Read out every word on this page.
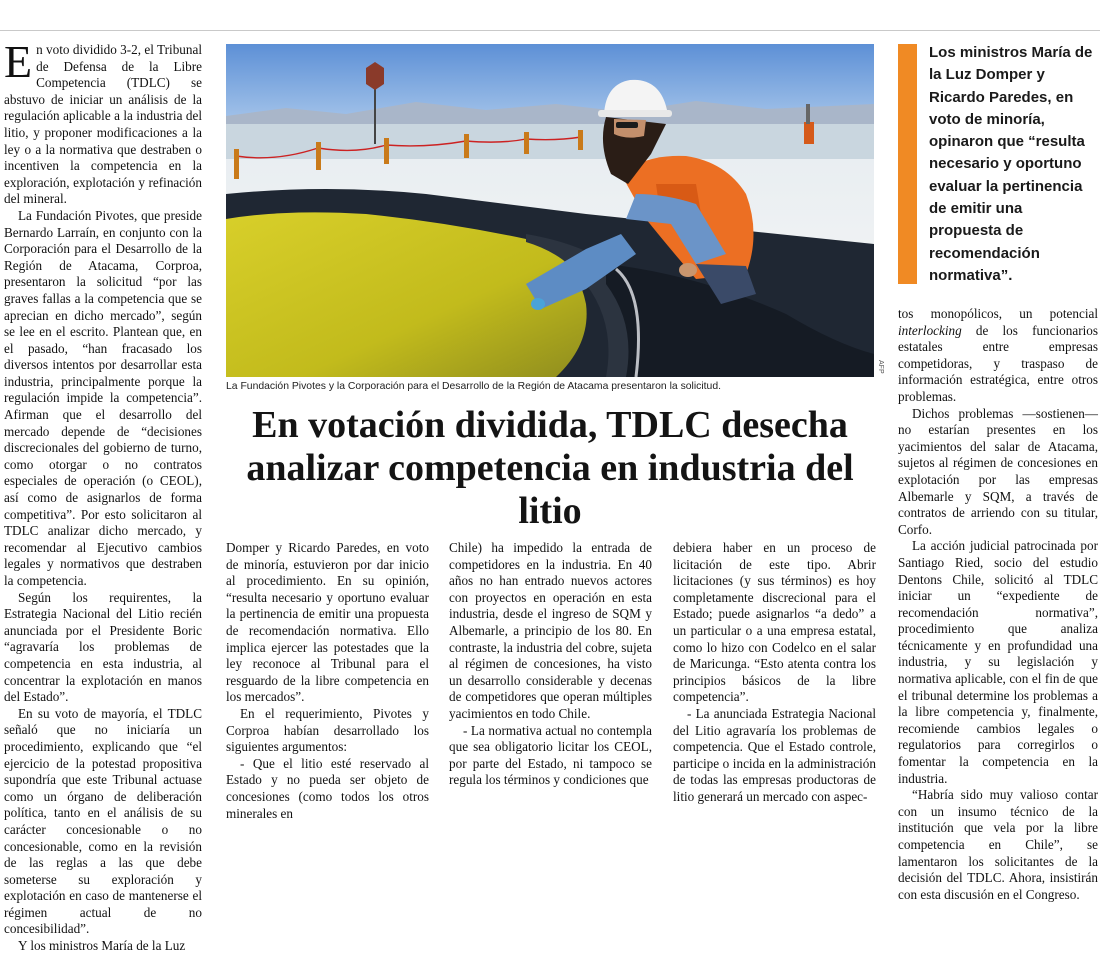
En voto dividido 3-2, el Tribunal de Defensa de la Libre Competencia (TDLC) se abstuvo de iniciar un análisis de la regulación aplicable a la industria del litio, y proponer modificaciones a la ley o a la normativa que destraben o incentiven la competencia en la exploración, explotación y refinación del mineral.

La Fundación Pivotes, que preside Bernardo Larraín, en conjunto con la Corporación para el Desarrollo de la Región de Atacama, Corproa, presentaron la solicitud “por las graves fallas a la competencia que se aprecian en dicho mercado”, según se lee en el escrito. Plantean que, en el pasado, “han fracasado los diversos intentos por desarrollar esta industria, principalmente porque la regulación impide la competencia”. Afirman que el desarrollo del mercado depende de “decisiones discrecionales del gobierno de turno, como otorgar o no contratos especiales de operación (o CEOL), así como de asignarlos de forma competitiva”. Por esto solicitaron al TDLC analizar dicho mercado, y recomendar al Ejecutivo cambios legales y normativos que destraben la competencia.

Según los requirentes, la Estrategia Nacional del Litio recién anunciada por el Presidente Boric “agravaría los problemas de competencia en esta industria, al concentrar la explotación en manos del Estado”.

En su voto de mayoría, el TDLC señaló que no iniciaría un procedimiento, explicando que “el ejercicio de la potestad propositiva supondría que este Tribunal actuase como un órgano de deliberación política, tanto en el análisis de su carácter concesionable o no concesionable, como en la revisión de las reglas a las que debe someterse su exploración y explotación en caso de mantenerse el régimen actual de no concesibilidad”.

Y los ministros María de la Luz

AFP
La Fundación Pivotes y la Corporación para el Desarrollo de la Región de Atacama presentaron la solicitud.
En votación dividida, TDLC desecha analizar competencia en industria del litio

Domper y Ricardo Paredes, en voto de minoría, estuvieron por dar inicio al procedimiento. En su opinión, “resulta necesario y oportuno evaluar la pertinencia de emitir una propuesta de recomendación normativa. Ello implica ejercer las potestades que la ley reconoce al Tribunal para el resguardo de la libre competencia en los mercados”.

En el requerimiento, Pivotes y Corproa habían desarrollado los siguientes argumentos:

- Que el litio esté reservado al Estado y no pueda ser objeto de concesiones (como todos los otros minerales en

Chile) ha impedido la entrada de competidores en la industria. En 40 años no han entrado nuevos actores con proyectos en operación en esta industria, desde el ingreso de SQM y Albemarle, a principio de los 80. En contraste, la industria del cobre, sujeta al régimen de concesiones, ha visto un desarrollo considerable y decenas de competidores que operan múltiples yacimientos en todo Chile.

- La normativa actual no contempla que sea obligatorio licitar los CEOL, por parte del Estado, ni tampoco se regula los términos y condiciones que

debiera haber en un proceso de licitación de este tipo. Abrir licitaciones (y sus términos) es hoy completamente discrecional para el Estado; puede asignarlos “a dedo” a un particular o a una empresa estatal, como lo hizo con Codelco en el salar de Maricunga. “Esto atenta contra los principios básicos de la libre competencia”.

- La anunciada Estrategia Nacional del Litio agravaría los problemas de competencia. Que el Estado controle, participe o incida en la administración de todas las empresas productoras de litio generará un mercado con aspec-

Los ministros María de la Luz Domper y Ricardo Paredes, en voto de minoría, opinaron que “resulta necesario y oportuno evaluar la pertinencia de emitir una propuesta de recomendación normativa”.

tos monopólicos, un potencial interlocking de los funcionarios estatales entre empresas competidoras, y traspaso de información estratégica, entre otros problemas.

Dichos problemas —sostienen— no estarían presentes en los yacimientos del salar de Atacama, sujetos al régimen de concesiones en explotación por las empresas Albemarle y SQM, a través de contratos de arriendo con su titular, Corfo.

La acción judicial patrocinada por Santiago Ried, socio del estudio Dentons Chile, solicitó al TDLC iniciar un “expediente de recomendación normativa”, procedimiento que analiza técnicamente y en profundidad una industria, y su legislación y normativa aplicable, con el fin de que el tribunal determine los problemas a la libre competencia y, finalmente, recomiende cambios legales o regulatorios para corregirlos o fomentar la competencia en la industria.

“Habría sido muy valioso contar con un insumo técnico de la institución que vela por la libre competencia en Chile”, se lamentaron los solicitantes de la decisión del TDLC. Ahora, insistirán con esta discusión en el Congreso.
